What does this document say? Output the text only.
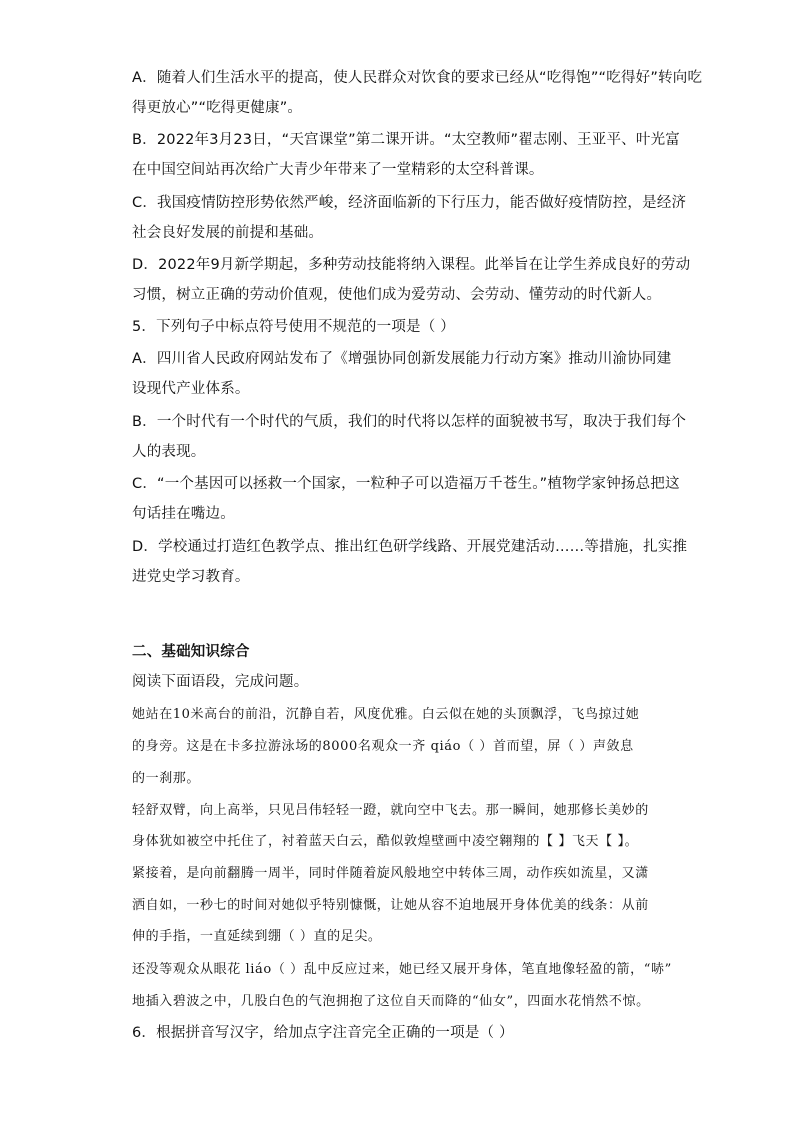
A．随着人们生活水平的提高，使人民群众对饮食的要求已经从“吃得饱”“吃得好”转向吃
得更放心”“吃得更健康”。
B．2022年3月23日，“天宫课堂”第二课开讲。“太空教师”翟志刚、王亚平、叶光富
在中国空间站再次给广大青少年带来了一堂精彩的太空科普课。
C．我国疫情防控形势依然严峻，经济面临新的下行压力，能否做好疫情防控，是经济
社会良好发展的前提和基础。
D．2022年9月新学期起，多种劳动技能将纳入课程。此举旨在让学生养成良好的劳动
习惯，树立正确的劳动价值观，使他们成为爱劳动、会劳动、懂劳动的时代新人。
5．下列句子中标点符号使用不规范的一项是（ ）
A．四川省人民政府网站发布了《增强协同创新发展能力行动方案》推动川渝协同建
设现代产业体系。
B．一个时代有一个时代的气质，我们的时代将以怎样的面貌被书写，取决于我们每个
人的表现。
C．“一个基因可以拯救一个国家，一粒种子可以造福万千苍生。”植物学家钟扬总把这
句话挂在嘴边。
D．学校通过打造红色教学点、推出红色研学线路、开展党建活动……等措施，扎实推
进党史学习教育。
二、基础知识综合
阅读下面语段，完成问题。
她站在10米高台的前沿，沉静自若，风度优雅。白云似在她的头顶飘浮，飞鸟掠过她
的身旁。这是在卡多拉游泳场的8000名观众一齐 qiáo（ ）首而望，屏（ ）声敛息
的一刹那。
轻舒双臂，向上高举，只见吕伟轻轻一蹬，就向空中飞去。那一瞬间，她那修长美妙的
身体犹如被空中托住了，衬着蓝天白云，酷似敦煌壁画中凌空翱翔的【 】飞天【 】。
紧接着，是向前翻腾一周半，同时伴随着旋风般地空中转体三周，动作疾如流星，又潇
洒自如，一秒七的时间对她似乎特别慷慨，让她从容不迫地展开身体优美的线条：从前
伸的手指，一直延续到绷（ ）直的足尖。
还没等观众从眼花 liáo（ ）乱中反应过来，她已经又展开身体，笔直地像轻盈的箭，“哧”
地插入碧波之中，几股白色的气泡拥抱了这位自天而降的“仙女”，四面水花悄然不惊。
6．根据拼音写汉字，给加点字注音完全正确的一项是（ ）
